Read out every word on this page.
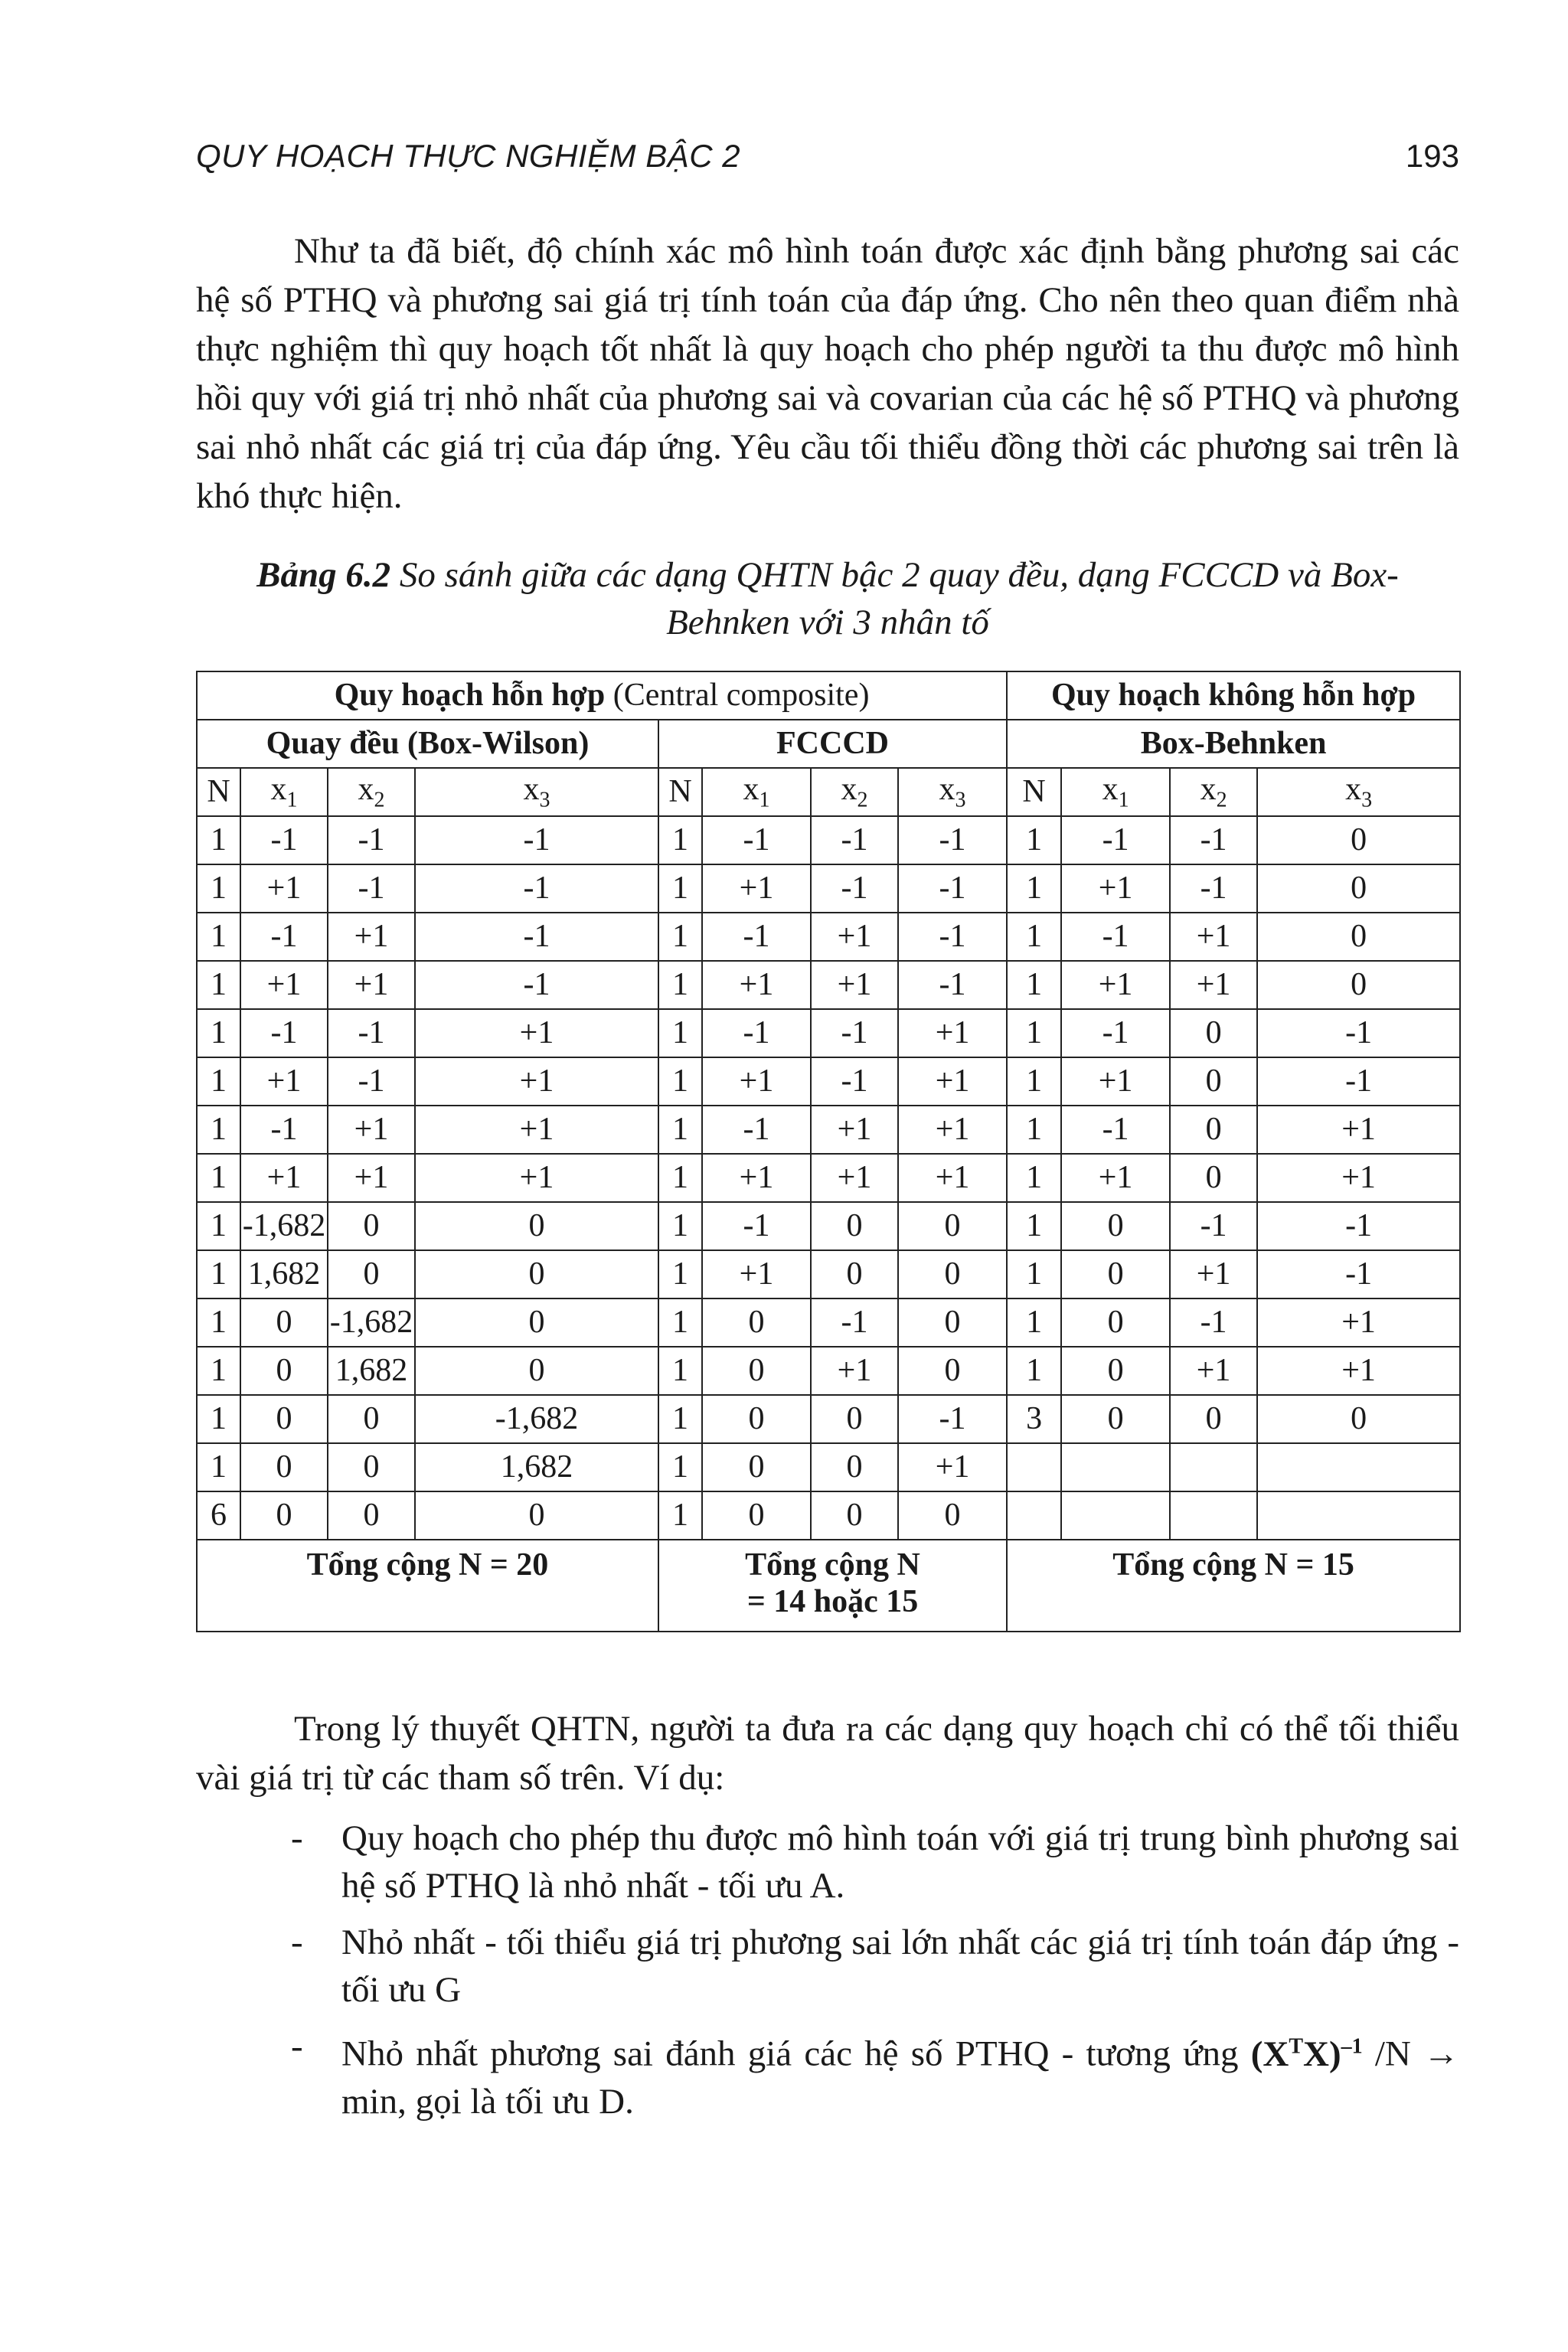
QUY HOẠCH THỰC NGHIỆM BẬC 2	193
Như ta đã biết, độ chính xác mô hình toán được xác định bằng phương sai các hệ số PTHQ và phương sai giá trị tính toán của đáp ứng. Cho nên theo quan điểm nhà thực nghiệm thì quy hoạch tốt nhất là quy hoạch cho phép người ta thu được mô hình hồi quy với giá trị nhỏ nhất của phương sai và covarian của các hệ số PTHQ và phương sai nhỏ nhất các giá trị của đáp ứng. Yêu cầu tối thiểu đồng thời các phương sai trên là khó thực hiện.
Bảng 6.2 So sánh giữa các dạng QHTN bậc 2 quay đều, dạng FCCCD và Box-Behnken với 3 nhân tố
Quy hoạch hỗn hợp (Central composite)								Quy hoạch không hỗn hợp			
Quay đều (Box-Wilson)				FCCCD				Box-Behnken			
N	$x_1$	$x_2$	$x_3$	N	$x_1$	$x_2$	$x_3$	N	$x_1$	$x_2$	$x_3$
1	-1	-1	-1	1	-1	-1	-1	1	-1	-1	0
1	+1	-1	-1	1	+1	-1	-1	1	+1	-1	0
1	-1	+1	-1	1	-1	+1	-1	1	-1	+1	0
1	+1	+1	-1	1	+1	+1	-1	1	+1	+1	0
1	-1	-1	+1	1	-1	-1	+1	1	-1	0	-1
1	+1	-1	+1	1	+1	-1	+1	1	+1	0	-1
1	-1	+1	+1	1	-1	+1	+1	1	-1	0	+1
1	+1	+1	+1	1	+1	+1	+1	1	+1	0	+1
1	-1,682	0	0	1	-1	0	0	1	0	-1	-1
1	1,682	0	0	1	+1	0	0	1	0	+1	-1
1	0	-1,682	0	1	0	-1	0	1	0	-1	+1
1	0	1,682	0	1	0	+1	0	1	0	+1	+1
1	0	0	-1,682	1	0	0	-1	3	0	0	0
1	0	0	1,682	1	0	0	+1				
6	0	0	0	1	0	0	0				
Tổng cộng N = 20				Tổng cộng N = 14 hoặc 15				Tổng cộng N = 15			
Trong lý thuyết QHTN, người ta đưa ra các dạng quy hoạch chỉ có thể tối thiểu vài giá trị từ các tham số trên. Ví dụ:
- Quy hoạch cho phép thu được mô hình toán với giá trị trung bình phương sai hệ số PTHQ là nhỏ nhất - tối ưu A.
- Nhỏ nhất - tối thiểu giá trị phương sai lớn nhất các giá trị tính toán đáp ứng - tối ưu G
- Nhỏ nhất phương sai đánh giá các hệ số PTHQ - tương ứng $(X^TX)^{-1}$ /N → min, gọi là tối ưu D.
